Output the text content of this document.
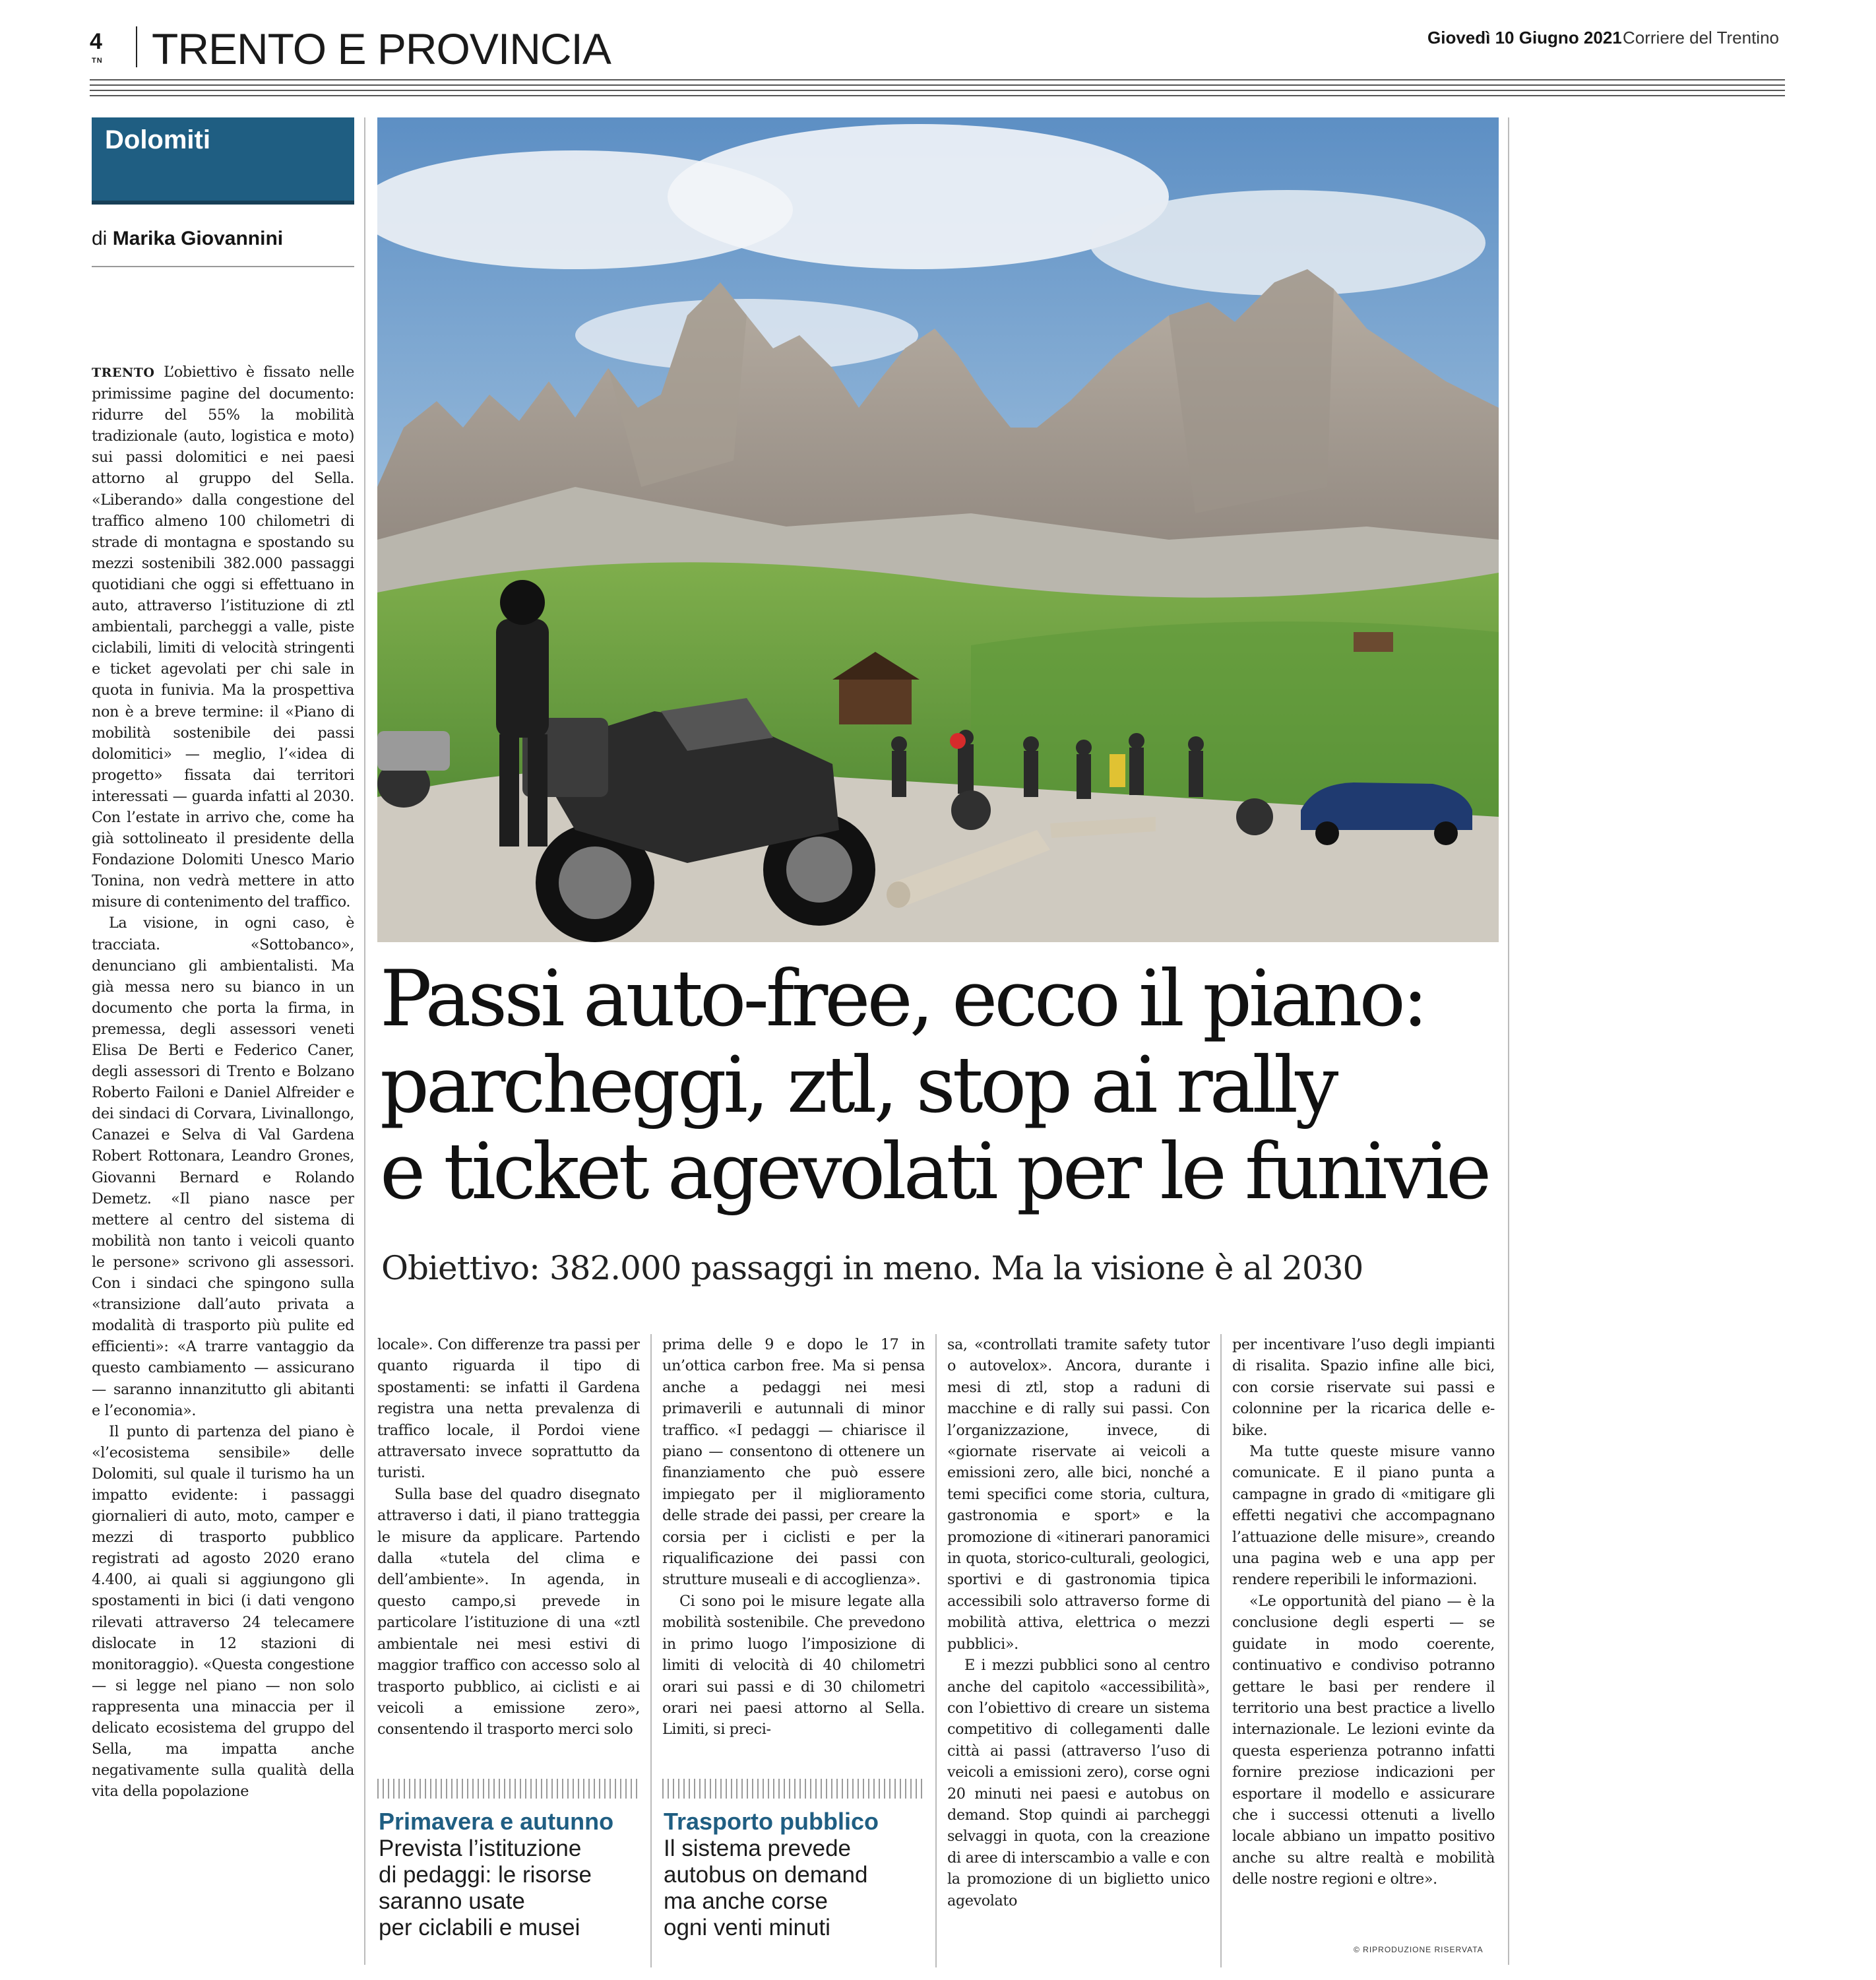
4
TN TRENTO E PROVINCIA	Giovedì 10 Giugno 2021 Corriere del Trentino
Dolomiti
di Marika Giovannini
Passi auto-free, ecco il piano:
parcheggi, ztl, stop ai rally
e ticket agevolati per le funivie
Obiettivo: 382.000 passaggi in meno. Ma la visione è al 2030

TRENTO L’obiettivo è fissato nelle primissime pagine del documento: ridurre del 55% la mobilità tradizionale (auto, logistica e moto) sui passi dolomitici e nei paesi attorno al gruppo del Sella. «Liberando» dalla congestione del traffico almeno 100 chilometri di strade di montagna e spostando su mezzi sostenibili 382.000 passaggi quotidiani che oggi si effettuano in auto, attraverso l’istituzione di ztl ambientali, parcheggi a valle, piste ciclabili, limiti di velocità stringenti e ticket agevolati per chi sale in quota in funivia. Ma la prospettiva non è a breve termine: il «Piano di mobilità sostenibile dei passi dolomitici» — meglio, l’«idea di progetto» fissata dai territori interessati — guarda infatti al 2030. Con l’estate in arrivo che, come ha già sottolineato il presidente della Fondazione Dolomiti Unesco Mario Tonina, non vedrà mettere in atto misure di contenimento del traffico.

La visione, in ogni caso, è tracciata. «Sottobanco», denunciano gli ambientalisti. Ma già messa nero su bianco in un documento che porta la firma, in premessa, degli assessori veneti Elisa De Berti e Federico Caner, degli assessori di Trento e Bolzano Roberto Failoni e Daniel Alfreider e dei sindaci di Corvara, Livinallongo, Canazei e Selva di Val Gardena Robert Rottonara, Leandro Grones, Giovanni Bernard e Rolando Demetz. «Il piano nasce per mettere al centro del sistema di mobilità non tanto i veicoli quanto le persone» scrivono gli assessori. Con i sindaci che spingono sulla «transizione dall’auto privata a modalità di trasporto più pulite ed efficienti»: «A trarre vantaggio da questo cambiamento — assicurano — saranno innanzitutto gli abitanti e l’economia».

Il punto di partenza del piano è «l’ecosistema sensibile» delle Dolomiti, sul quale il turismo ha un impatto evidente: i passaggi giornalieri di auto, moto, camper e mezzi di trasporto pubblico registrati ad agosto 2020 erano 4.400, ai quali si aggiungono gli spostamenti in bici (i dati vengono rilevati attraverso 24 telecamere dislocate in 12 stazioni di monitoraggio). «Questa congestione — si legge nel piano — non solo rappresenta una minaccia per il delicato ecosistema del gruppo del Sella, ma impatta anche negativamente sulla qualità della vita della popolazione

locale». Con differenze tra passi per quanto riguarda il tipo di spostamenti: se infatti il Gardena registra una netta prevalenza di traffico locale, il Pordoi viene attraversato invece soprattutto da turisti.

Sulla base del quadro disegnato attraverso i dati, il piano tratteggia le misure da applicare. Partendo dalla «tutela del clima e dell’ambiente». In agenda, in questo campo,si prevede in particolare l’istituzione di una «ztl ambientale nei mesi estivi di maggior traffico con accesso solo al trasporto pubblico, ai ciclisti e ai veicoli a emissione zero», consentendo il trasporto merci solo

prima delle 9 e dopo le 17 in un’ottica carbon free. Ma si pensa anche a pedaggi nei mesi primaverili e autunnali di minor traffico. «I pedaggi — chiarisce il piano — consentono di ottenere un finanziamento che può essere impiegato per il miglioramento delle strade dei passi, per creare la corsia per i ciclisti e per la riqualificazione dei passi con strutture museali e di accoglienza».

Ci sono poi le misure legate alla mobilità sostenibile. Che prevedono in primo luogo l’imposizione di limiti di velocità di 40 chilometri orari sui passi e di 30 chilometri orari nei paesi attorno al Sella. Limiti, si preci-

sa, «controllati tramite safety tutor o autovelox». Ancora, durante i mesi di ztl, stop a raduni di macchine e di rally sui passi. Con l’organizzazione, invece, di «giornate riservate ai veicoli a emissioni zero, alle bici, nonché a temi specifici come storia, cultura, gastronomia e sport» e la promozione di «itinerari panoramici in quota, storico-culturali, geologici, sportivi e di gastronomia tipica accessibili solo attraverso forme di mobilità attiva, elettrica o mezzi pubblici».

E i mezzi pubblici sono al centro anche del capitolo «accessibilità», con l’obiettivo di creare un sistema competitivo di collegamenti dalle città ai passi (attraverso l’uso di veicoli a emissioni zero), corse ogni 20 minuti nei paesi e autobus on demand. Stop quindi ai parcheggi selvaggi in quota, con la creazione di aree di interscambio a valle e con la promozione di un biglietto unico agevolato

per incentivare l’uso degli impianti di risalita. Spazio infine alle bici, con corsie riservate sui passi e colonnine per la ricarica delle e-bike.

Ma tutte queste misure vanno comunicate. E il piano punta a campagne in grado di «mitigare gli effetti negativi che accompagnano l’attuazione delle misure», creando una pagina web e una app per rendere reperibili le informazioni.

«Le opportunità del piano — è la conclusione degli esperti — se guidate in modo coerente, continuativo e condiviso potranno gettare le basi per rendere il territorio una best practice a livello internazionale. Le lezioni evinte da questa esperienza potranno infatti fornire preziose indicazioni per esportare il modello e assicurare che i successi ottenuti a livello locale abbiano un impatto positivo anche su altre realtà e mobilità delle nostre regioni e oltre».

Primavera e autunno

Prevista l’istituzione
di pedaggi: le risorse
saranno usate
per ciclabili e musei

Trasporto pubblico

Il sistema prevede
autobus on demand
ma anche corse
ogni venti minuti

© RIPRODUZIONE RISERVATA
